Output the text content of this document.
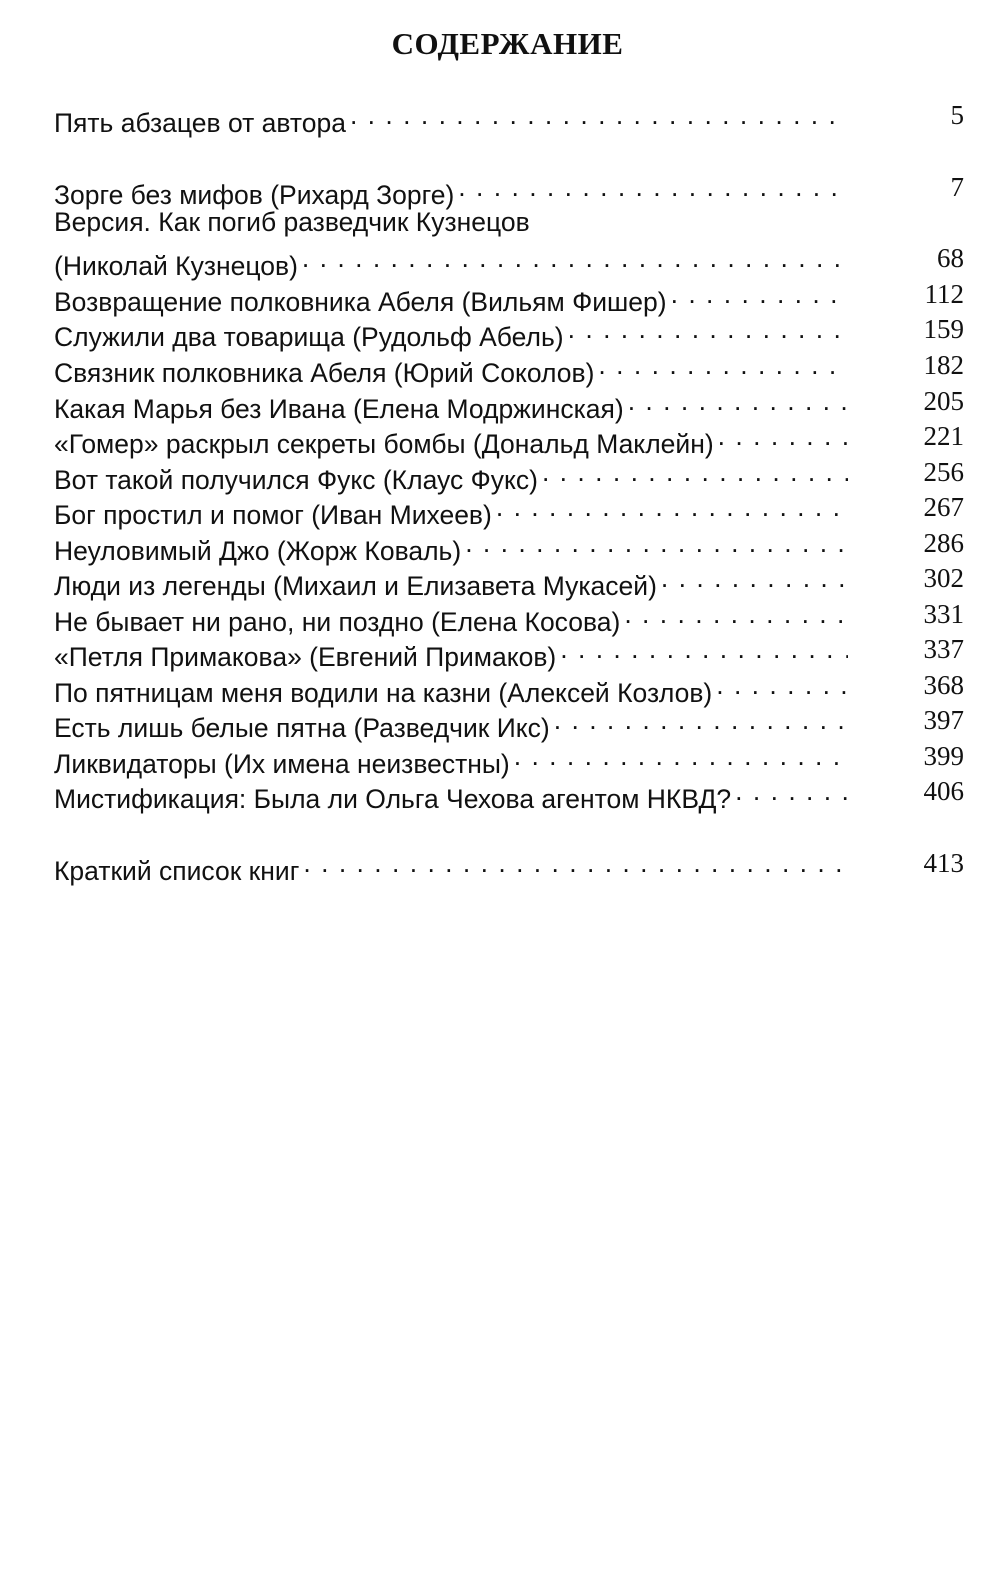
СОДЕРЖАНИЕ
Пять абзацев от автора . . .	5
Зорге без мифов (Рихард Зорге) . . .	7
Версия. Как погиб разведчик Кузнецов
(Николай Кузнецов) . . .	68
Возвращение полковника Абеля (Вильям Фишер) . . .	112
Служили два товарища (Рудольф Абель) . . .	159
Связник полковника Абеля (Юрий Соколов) . . .	182
Какая Марья без Ивана (Елена Модржинская) . . .	205
«Гомер» раскрыл секреты бомбы (Дональд Маклейн) . . .	221
Вот такой получился Фукс (Клаус Фукс) . . .	256
Бог простил и помог (Иван Михеев) . . .	267
Неуловимый Джо (Жорж Коваль) . . .	286
Люди из легенды (Михаил и Елизавета Мукасей) . . .	302
Не бывает ни рано, ни поздно (Елена Косова) . . .	331
«Петля Примакова» (Евгений Примаков) . . .	337
По пятницам меня водили на казни (Алексей Козлов) . . .	368
Есть лишь белые пятна (Разведчик Икс) . . .	397
Ликвидаторы (Их имена неизвестны) . . .	399
Мистификация: Была ли Ольга Чехова агентом НКВД? . . .	406
Краткий список книг . . .	413
